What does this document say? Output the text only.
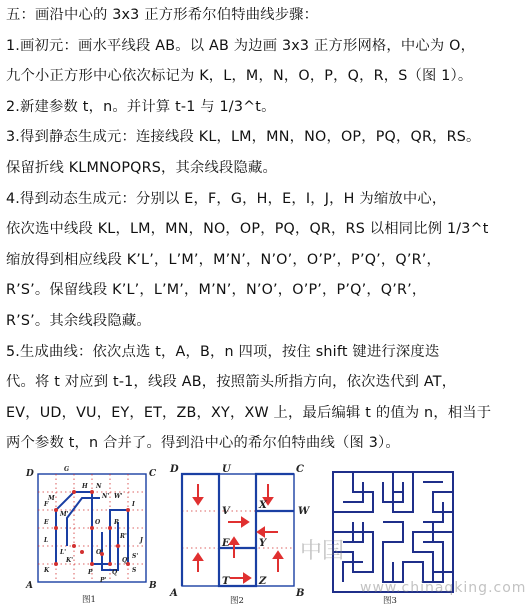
五：画沿中心的 3x3 正方形希尔伯特曲线步骤：
1.画初元：画水平线段 AB。以 AB 为边画 3x3 正方形网格，中心为 O，
九个小正方形中心依次标记为 K，L，M，N，O，P，Q，R，S（图 1）。
2.新建参数 t，n。并计算 t-1 与 1/3^t。
3.得到静态生成元：连接线段 KL，LM，MN，NO，OP，PQ，QR，RS。
保留折线 KLMNOPQRS，其余线段隐藏。
4.得到动态生成元：分别以 E，F，G，H，E，I，J，H 为缩放中心，
依次选中线段 KL，LM，MN，NO，OP，PQ，QR，RS 以相同比例 1/3^t
缩放得到相应线段 K’L’，L’M’，M’N’，N’O’，O’P’，P’Q’，Q’R’，
R’S’。保留线段 K’L’，L’M’，M’N’，N’O’，O’P’，P’Q’，Q’R’，
R’S’。其余线段隐藏。
5.生成曲线：依次点选 t，A，B，n 四项，按住 shift 键进行深度迭
代。将 t 对应到 t-1，线段 AB，按照箭头所指方向，依次迭代到 AT，
EV，UD，VU，EY，ET，ZB，XY，XW 上，最后编辑 t 的值为 n，相当于
两个参数 t，n 合并了。得到沿中心的希尔伯特曲线（图 3）。
D	C
A	B
G
H
F
E
I
J
K
L
M
N
O
P	Q
R
S
O'
P'
Q'
R'
K'
L'
M'
N'
S'
W'
图1
D	C
A	B
U
V
X
W
E	Y
T	Z
图2	图3
中国
www.chinaqking.com
